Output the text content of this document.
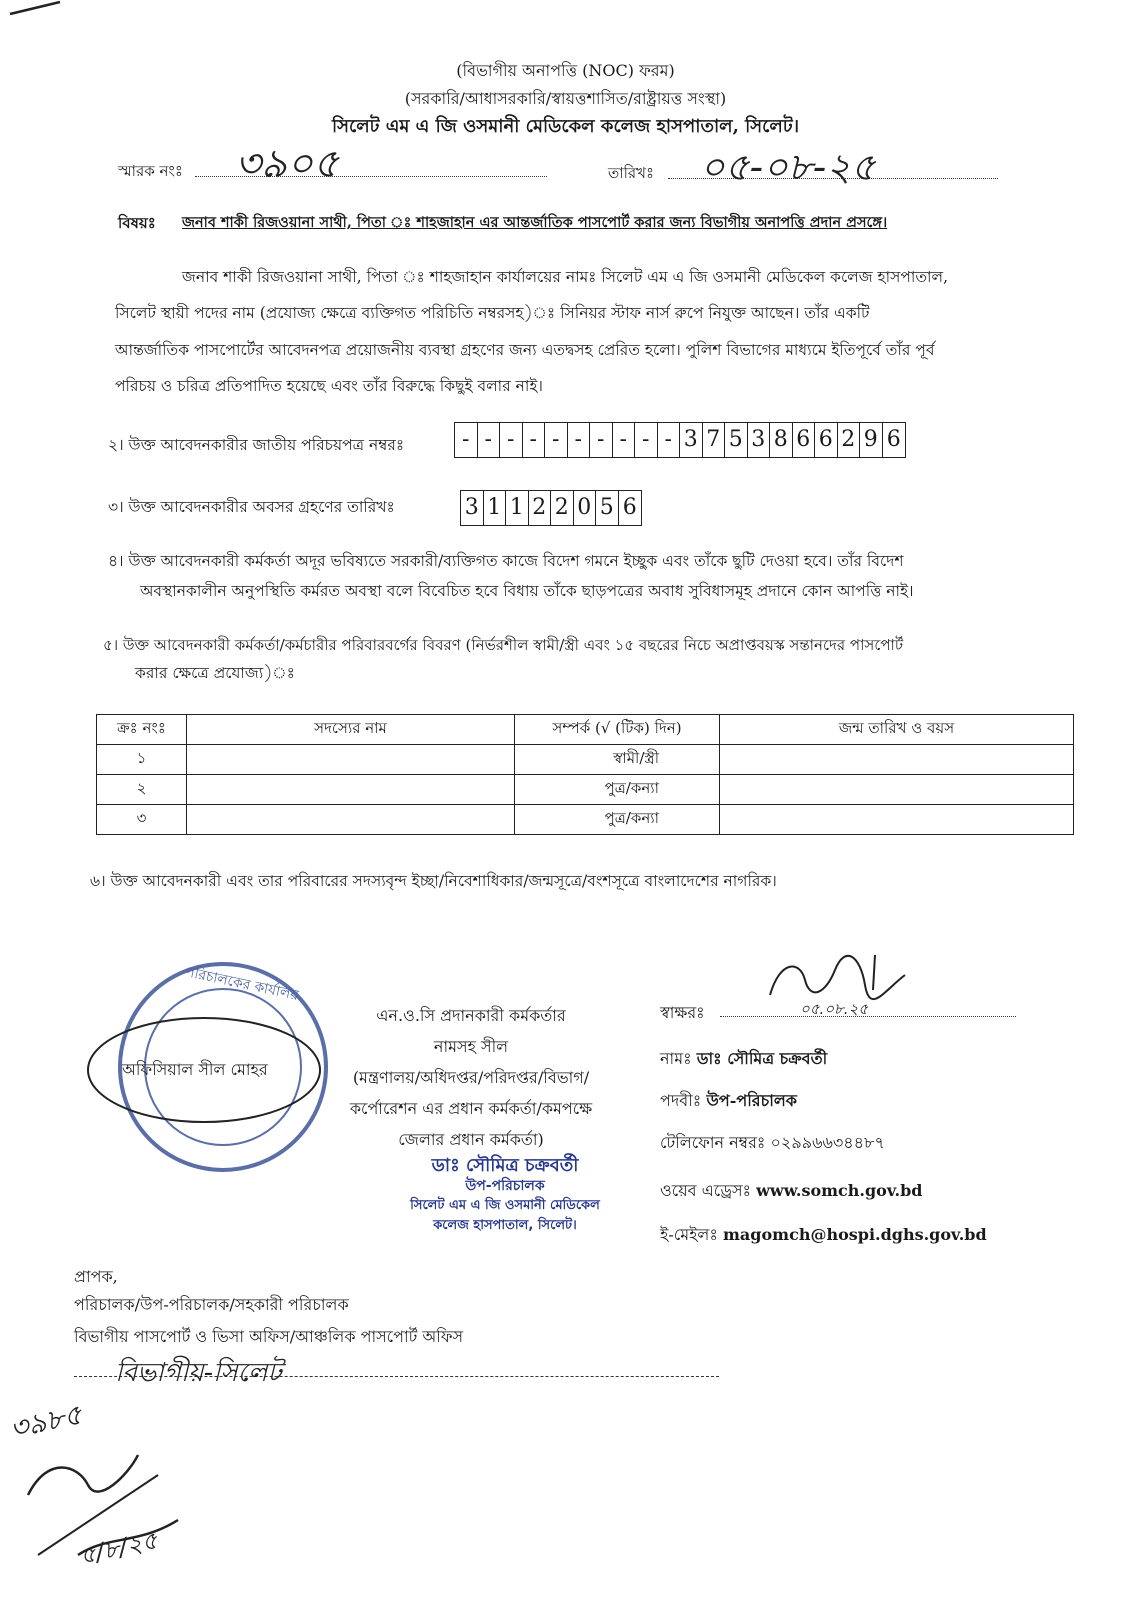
(বিভাগীয় অনাপত্তি (NOC) ফরম)
(সরকারি/আধাসরকারি/স্বায়ত্তশাসিত/রাষ্ট্রায়ত্ত সংস্থা)
সিলেট এম এ জি ওসমানী মেডিকেল কলেজ হাসপাতাল, সিলেট।
স্মারক নংঃ ৩৯০৫	তারিখঃ ০৫-০৮-২৫
বিষয়ঃ জনাব শাকী রিজওয়ানা সাথী, পিতা ঃ শাহজাহান এর আন্তর্জাতিক পাসপোর্ট করার জন্য বিভাগীয় অনাপত্তি প্রদান প্রসঙ্গে।
জনাব শাকী রিজওয়ানা সাথী, পিতা ঃ শাহজাহান কার্যালয়ের নামঃ সিলেট এম এ জি ওসমানী মেডিকেল কলেজ হাসপাতাল,
সিলেট স্থায়ী পদের নাম (প্রযোজ্য ক্ষেত্রে ব্যক্তিগত পরিচিতি নম্বরসহ)ঃ সিনিয়র স্টাফ নার্স রুপে নিযুক্ত আছেন। তাঁর একটি
আন্তর্জাতিক পাসপোর্টের আবেদনপত্র প্রয়োজনীয় ব্যবস্থা গ্রহণের জন্য এতদ্বসহ প্রেরিত হলো। পুলিশ বিভাগের মাধ্যমে ইতিপূর্বে তাঁর পূর্ব
পরিচয় ও চরিত্র প্রতিপাদিত হয়েছে এবং তাঁর বিরুদ্ধে কিছুই বলার নাই।
২। উক্ত আবেদনকারীর জাতীয় পরিচয়পত্র নম্বরঃ	- - - - - - - - - - 3 7 5 3 8 6 6 2 9 6
৩। উক্ত আবেদনকারীর অবসর গ্রহণের তারিখঃ	3 1 1 2 2 0 5 6
৪। উক্ত আবেদনকারী কর্মকর্তা অদূর ভবিষ্যতে সরকারী/ব্যক্তিগত কাজে বিদেশ গমনে ইচ্ছুক এবং তাঁকে ছুটি দেওয়া হবে। তাঁর বিদেশ
অবস্থানকালীন অনুপস্থিতি কর্মরত অবস্থা বলে বিবেচিত হবে বিধায় তাঁকে ছাড়পত্রের অবাধ সুবিধাসমূহ প্রদানে কোন আপত্তি নাই।
৫। উক্ত আবেদনকারী কর্মকর্তা/কর্মচারীর পরিবারবর্গের বিবরণ (নির্ভরশীল স্বামী/স্ত্রী এবং ১৫ বছরের নিচে অপ্রাপ্তবয়স্ক সন্তানদের পাসপোর্ট
করার ক্ষেত্রে প্রযোজ্য)ঃ
ক্রঃ নংঃ	সদস্যের নাম	সম্পর্ক (√ (টিক) দিন)	জন্ম তারিখ ও বয়স
১		স্বামী/স্ত্রী	
২		পুত্র/কন্যা	
৩		পুত্র/কন্যা	
৬। উক্ত আবেদনকারী এবং তার পরিবারের সদস্যবৃন্দ ইচ্ছা/নিবেশাধিকার/জন্মসূত্রে/বংশসূত্রে বাংলাদেশের নাগরিক।
পরিচালকের কার্যালয়
অফিসিয়াল সীল মোহর
এন.ও.সি প্রদানকারী কর্মকর্তার
নামসহ সীল
(মন্ত্রণালয়/অধিদপ্তর/পরিদপ্তর/বিভাগ/
কর্পোরেশন এর প্রধান কর্মকর্তা/কমপক্ষে
জেলার প্রধান কর্মকর্তা)
ডাঃ সৌমিত্র চক্রবর্তী
উপ-পরিচালক
সিলেট এম এ জি ওসমানী মেডিকেল
কলেজ হাসপাতাল, সিলেট।
স্বাক্ষরঃ	০৫.০৮.২৫
নামঃ ডাঃ সৌমিত্র চক্রবর্তী
পদবীঃ উপ-পরিচালক
টেলিফোন নম্বরঃ ০২৯৯৬৬৩৪৪৮৭
ওয়েব এড্রেসঃ www.somch.gov.bd
ই-মেইলঃ magomch@hospi.dghs.gov.bd
প্রাপক,
পরিচালক/উপ-পরিচালক/সহকারী পরিচালক
বিভাগীয় পাসপোর্ট ও ভিসা অফিস/আঞ্চলিক পাসপোর্ট অফিস
বিভাগীয়-সিলেট
৩৯৮৫
৫/৮/২৫
